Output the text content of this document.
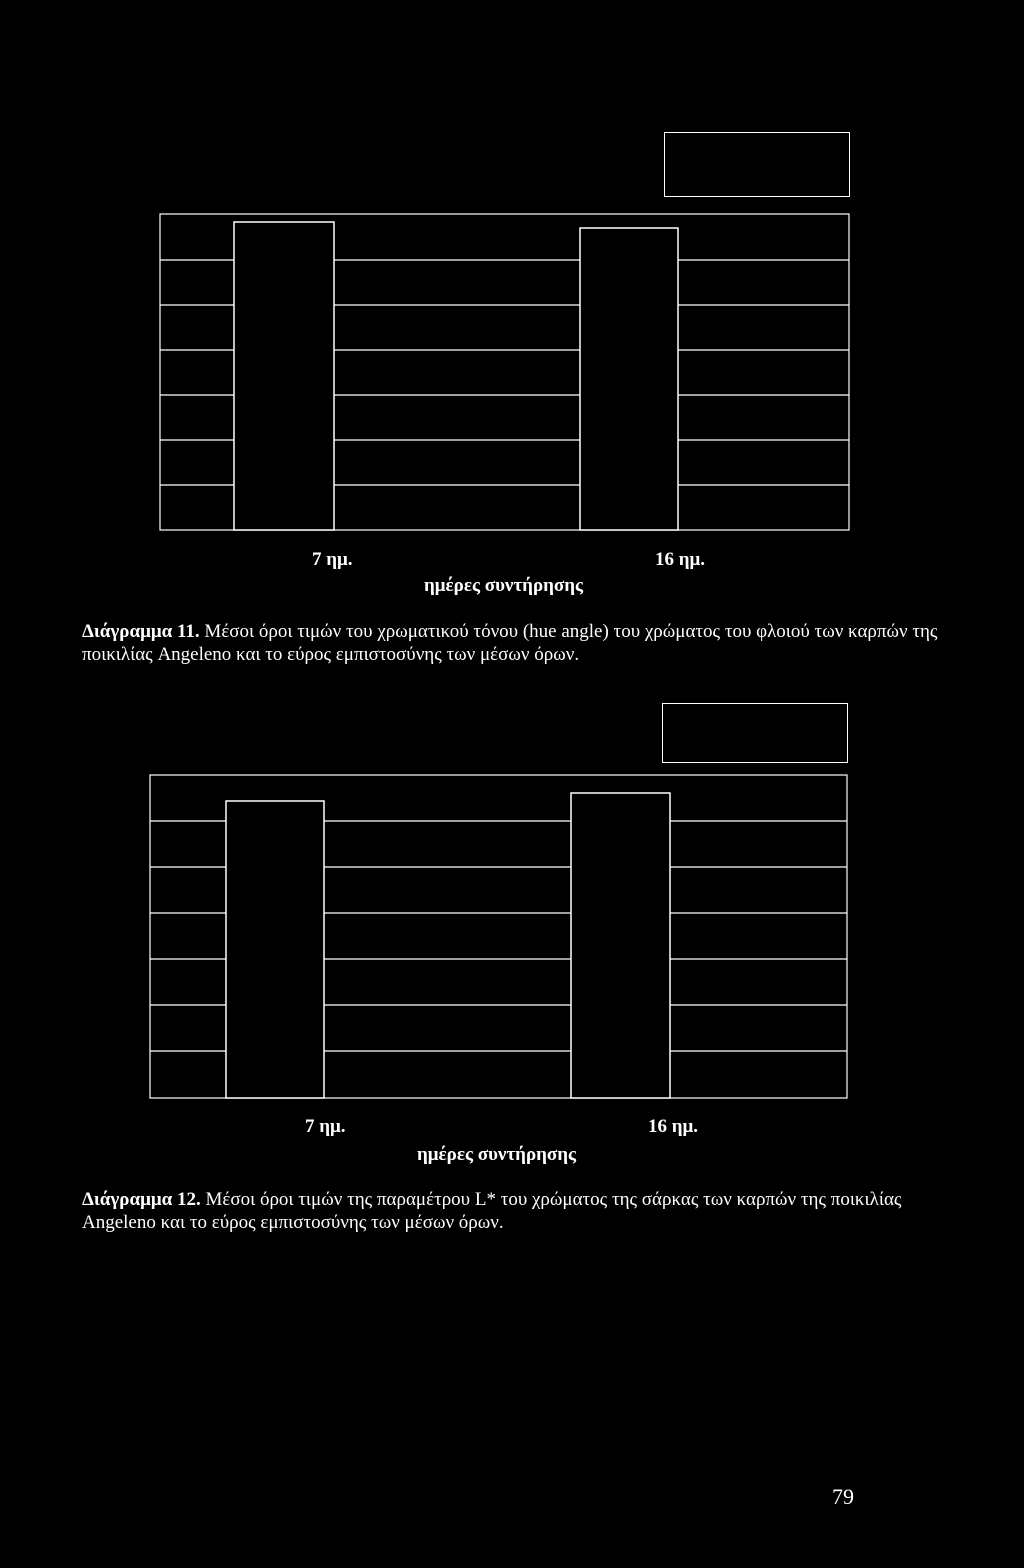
7 ημ.	16 ημ.
ημέρες συντήρησης
Διάγραμμα 11. Μέσοι όροι τιμών του χρωματικού τόνου (hue angle) του χρώματος του φλοιού των καρπών της ποικιλίας Angeleno και το εύρος εμπιστοσύνης των μέσων όρων.
7 ημ.	16 ημ.
ημέρες συντήρησης
Διάγραμμα 12. Μέσοι όροι τιμών της παραμέτρου L* του χρώματος της σάρκας των καρπών της ποικιλίας Angeleno και το εύρος εμπιστοσύνης των μέσων όρων.
79
